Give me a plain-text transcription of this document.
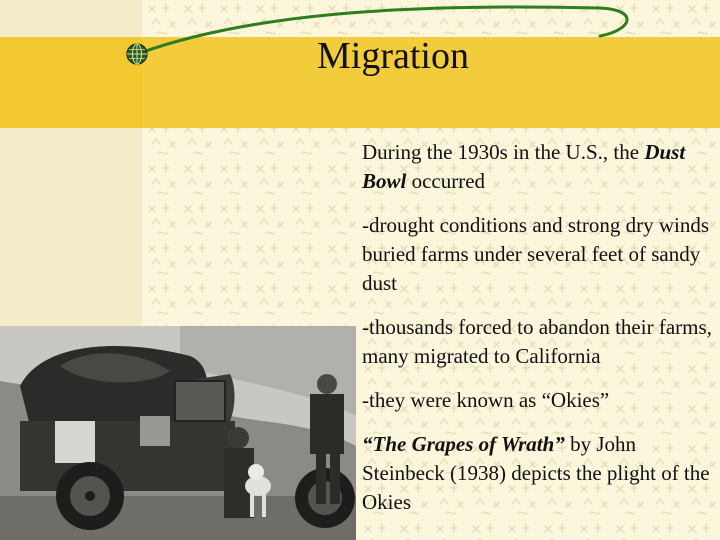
Migration

During the 1930s in the U.S., the Dust Bowl occurred

-drought conditions and strong dry winds buried farms under several feet of sandy dust

-thousands forced to abandon their farms, many migrated to California

-they were known as “Okies”

“The Grapes of Wrath” by John Steinbeck (1938) depicts the plight of the Okies
